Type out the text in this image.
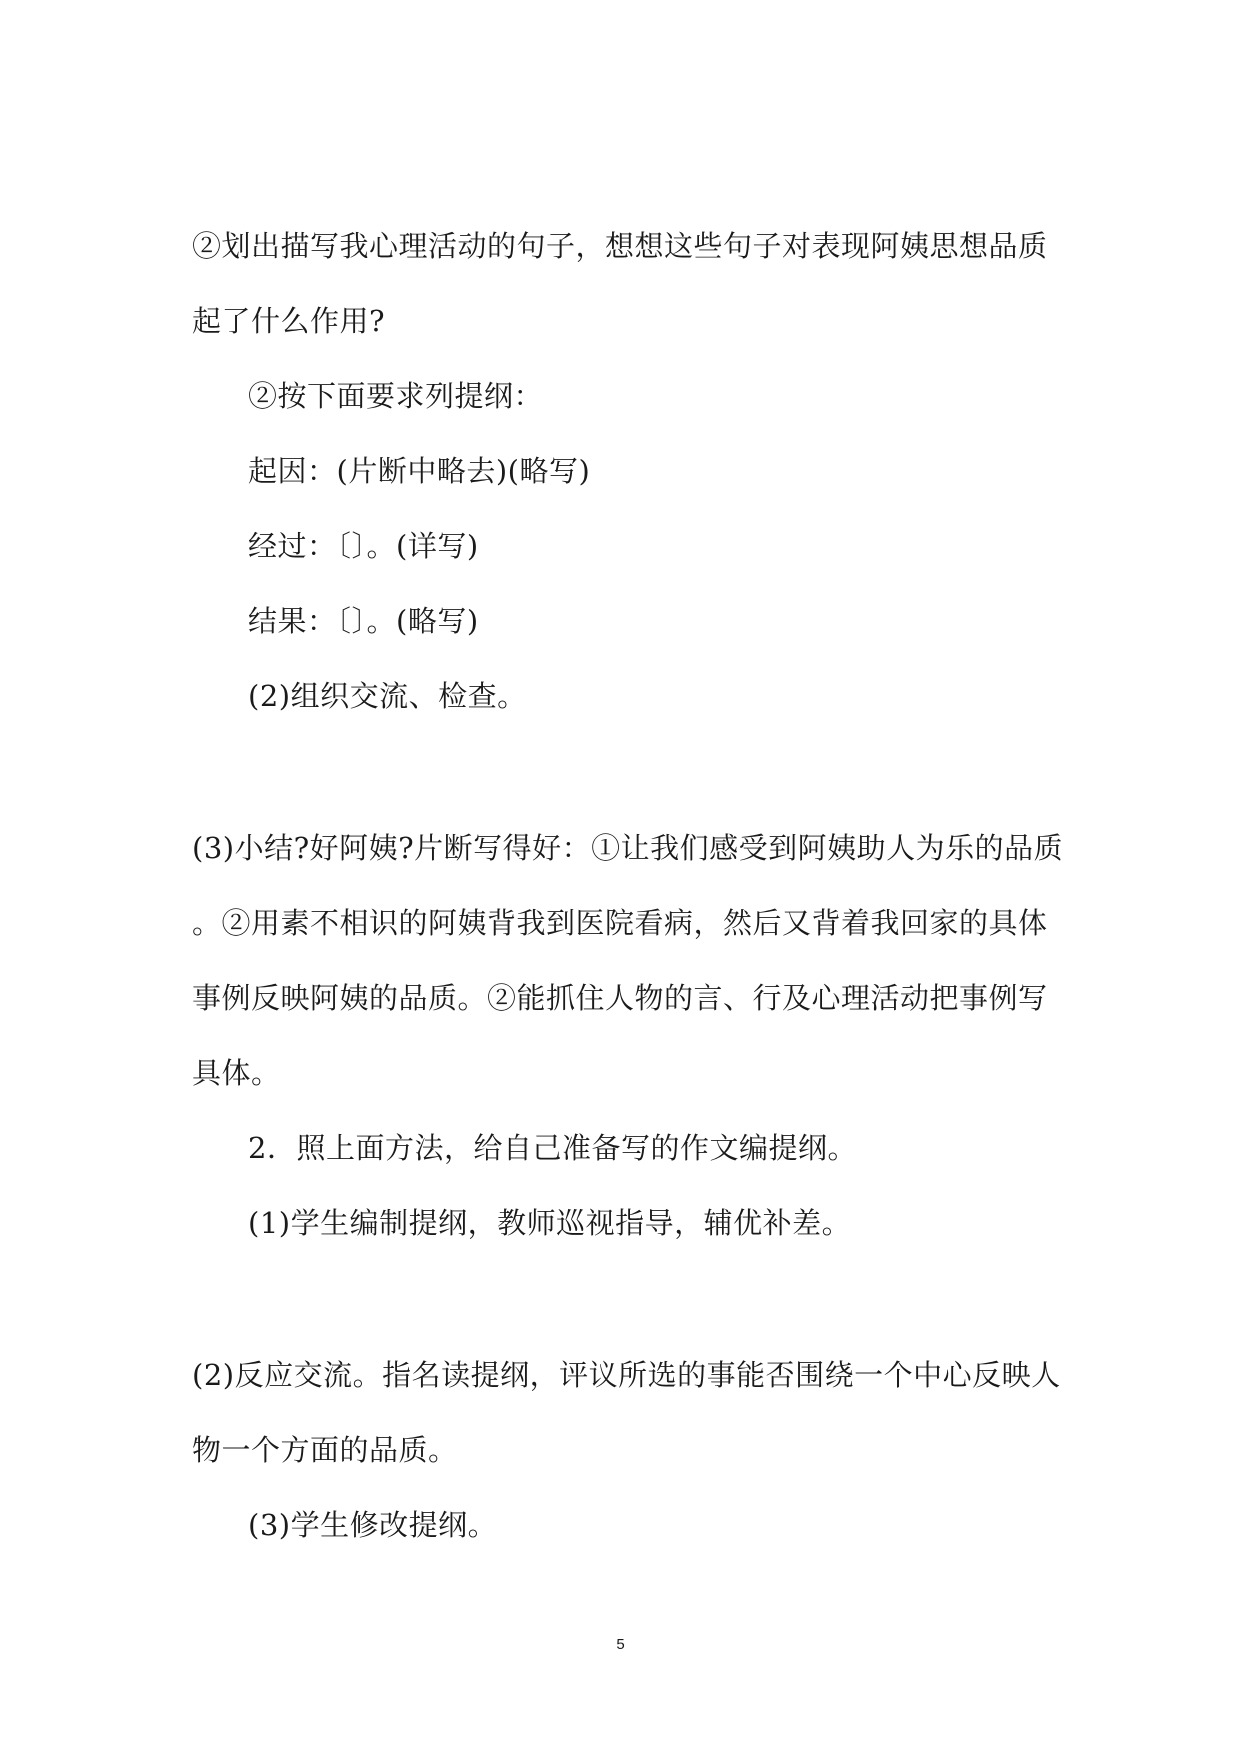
②划出描写我心理活动的句子，想想这些句子对表现阿姨思想品质
起了什么作用?
②按下面要求列提纲：
起因：(片断中略去)(略写)
经过：〔〕。(详写)
结果：〔〕。(略写)
(2)组织交流、检查。
(3)小结?好阿姨?片断写得好：①让我们感受到阿姨助人为乐的品质
。②用素不相识的阿姨背我到医院看病，然后又背着我回家的具体
事例反映阿姨的品质。②能抓住人物的言、行及心理活动把事例写
具体。
2．照上面方法，给自己准备写的作文编提纲。
(1)学生编制提纲，教师巡视指导，辅优补差。
(2)反应交流。指名读提纲，评议所选的事能否围绕一个中心反映人
物一个方面的品质。
(3)学生修改提纲。
5
